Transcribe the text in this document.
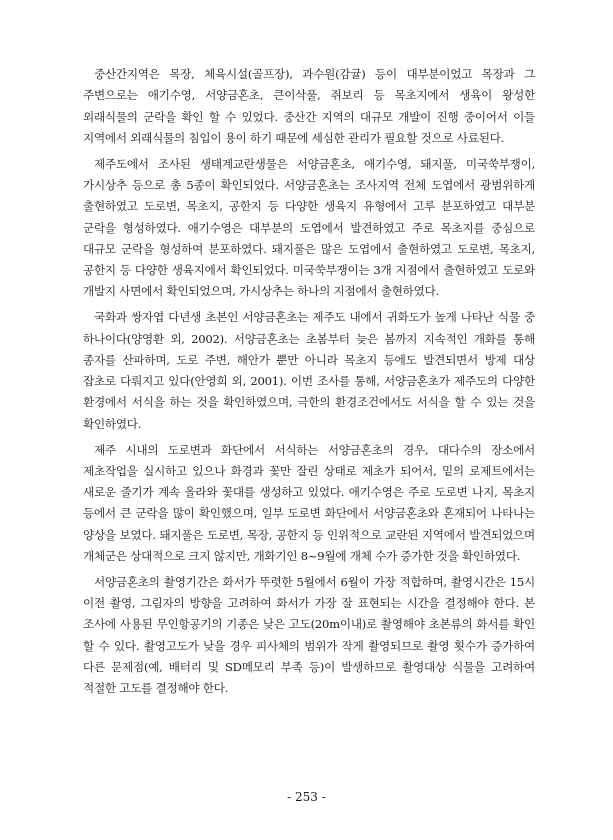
중산간지역은 목장, 체육시설(골프장), 과수원(감귤) 등이 대부분이었고 목장과 그 주변으로는 애기수영, 서양금혼초, 큰이삭풀, 쥐보리 등 목초지에서 생육이 왕성한 외래식물의 군락을 확인 할 수 있었다. 중산간 지역의 대규모 개발이 진행 중이어서 이들 지역에서 외래식물의 침입이 용이 하기 때문에 세심한 관리가 필요할 것으로 사료된다.

제주도에서 조사된 생태계교란생물은 서양금혼초, 애기수영, 돼지풀, 미국쑥부쟁이, 가시상추 등으로 총 5종이 확인되었다. 서양금혼초는 조사지역 전체 도엽에서 광범위하게 출현하였고 도로변, 목초지, 공한지 등 다양한 생육지 유형에서 고루 분포하였고 대부분 군락을 형성하였다. 애기수영은 대부분의 도엽에서 발견하였고 주로 목초지를 중심으로 대규모 군락을 형성하여 분포하였다. 돼지풀은 많은 도엽에서 출현하였고 도로변, 목초지, 공한지 등 다양한 생육지에서 확인되었다. 미국쑥부쟁이는 3개 지점에서 출현하였고 도로와 개발지 사면에서 확인되었으며, 가시상추는 하나의 지점에서 출현하였다.

국화과 쌍자엽 다년생 초본인 서양금혼초는 제주도 내에서 귀화도가 높게 나타난 식물 중 하나이다(양영환 외, 2002). 서양금혼초는 초봄부터 늦은 봄까지 지속적인 개화를 통해 종자를 산파하며, 도로 주변, 해안가 뿐만 아니라 목초지 등에도 발견되면서 방제 대상 잡초로 다뤄지고 있다(안영희 외, 2001). 이번 조사를 통해, 서양금혼초가 제주도의 다양한 환경에서 서식을 하는 것을 확인하였으며, 극한의 환경조건에서도 서식을 할 수 있는 것을 확인하였다.

제주 시내의 도로변과 화단에서 서식하는 서양금혼초의 경우, 대다수의 장소에서 제초작업을 실시하고 있으나 화경과 꽃만 잘린 상태로 제초가 되어서, 밑의 로제트에서는 새로운 줄기가 계속 올라와 꽃대를 생성하고 있었다. 애기수영은 주로 도로변 나지, 목초지 등에서 큰 군락을 많이 확인했으며, 일부 도로변 화단에서 서양금혼초와 혼재되어 나타나는 양상을 보였다. 돼지풀은 도로변, 목장, 공한지 등 인위적으로 교란된 지역에서 발견되었으며 개체군은 상대적으로 크지 않지만, 개화기인 8~9월에 개체 수가 증가한 것을 확인하였다.

서양금혼초의 촬영기간은 화서가 뚜렷한 5월에서 6월이 가장 적합하며, 촬영시간은 15시 이전 촬영, 그림자의 방향을 고려하여 화서가 가장 잘 표현되는 시간을 결정해야 한다. 본 조사에 사용된 무인항공기의 기종은 낮은 고도(20m이내)로 촬영해야 초본류의 화서를 확인 할 수 있다. 촬영고도가 낮을 경우 피사체의 범위가 작게 촬영되므로 촬영 횟수가 증가하여 다른 문제점(예, 배터리 및 SD메모리 부족 등)이 발생하므로 촬영대상 식물을 고려하여 적절한 고도를 결정해야 한다.

- 253 -
